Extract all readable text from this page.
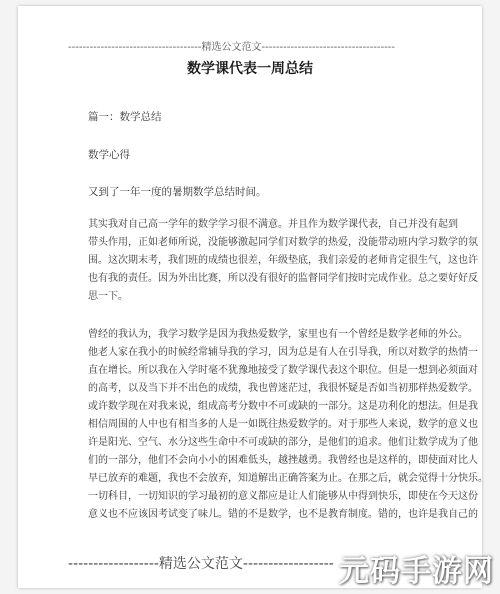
-------------------------------------精选公文范文-------------------------------------
数学课代表一周总结
篇一：数学总结
数学心得
又到了一年一度的暑期数学总结时间。
其实我对自己高一学年的数学学习很不满意。并且作为数学课代表，自己并没有起到
带头作用，正如老师所说，没能够激起同学们对数学的热爱，没能带动班内学习数学的氛
围。这次期末考，我们班的成绩也很差，年级垫底，我们亲爱的老师肯定很生气，这也许
也有我的责任。因为外出比赛，所以没有很好的监督同学们按时完成作业。总之要好好反
思一下。
曾经的我认为，我学习数学是因为我热爱数学，家里也有一个曾经是数学老师的外公。
他老人家在我小的时候经常辅导我的学习，因为总是有人在引导我，所以对数学的热情一
直在增长。所以我在入学时毫不犹豫地接受了数学课代表这个职位。但是一想到必须面对
的高考，以及当下并不出色的成绩，我也曾迷茫过，我很怀疑是否如当初那样热爱数学。
或许数学现在对我来说，组成高考分数中不可或缺的一部分。这是功利化的想法。但是我
相信周围的人中也有相当多的人是一如既往热爱数学的。对于那些人来说，数学的意义也
许是阳光、空气、水分这些生命中不可或缺的部分，是他们的追求。他们让数学成为了他
们的一部分，他们不会向小小的困难低头，越挫越勇。我曾经也是这样的，即使面对比人
早已放弃的难题，我也不会放弃，知道解出正确答案为止。在那之后，就会觉得十分快乐。
一切科目，一切知识的学习最初的意义都应是让人们能够从中得到快乐，即使在今天这份
意义也不应该因考试变了味儿。错的不是数学，也不是教育制度。错的，也许是我自己的
------------------精选公文范文------------------ 元码手游网
